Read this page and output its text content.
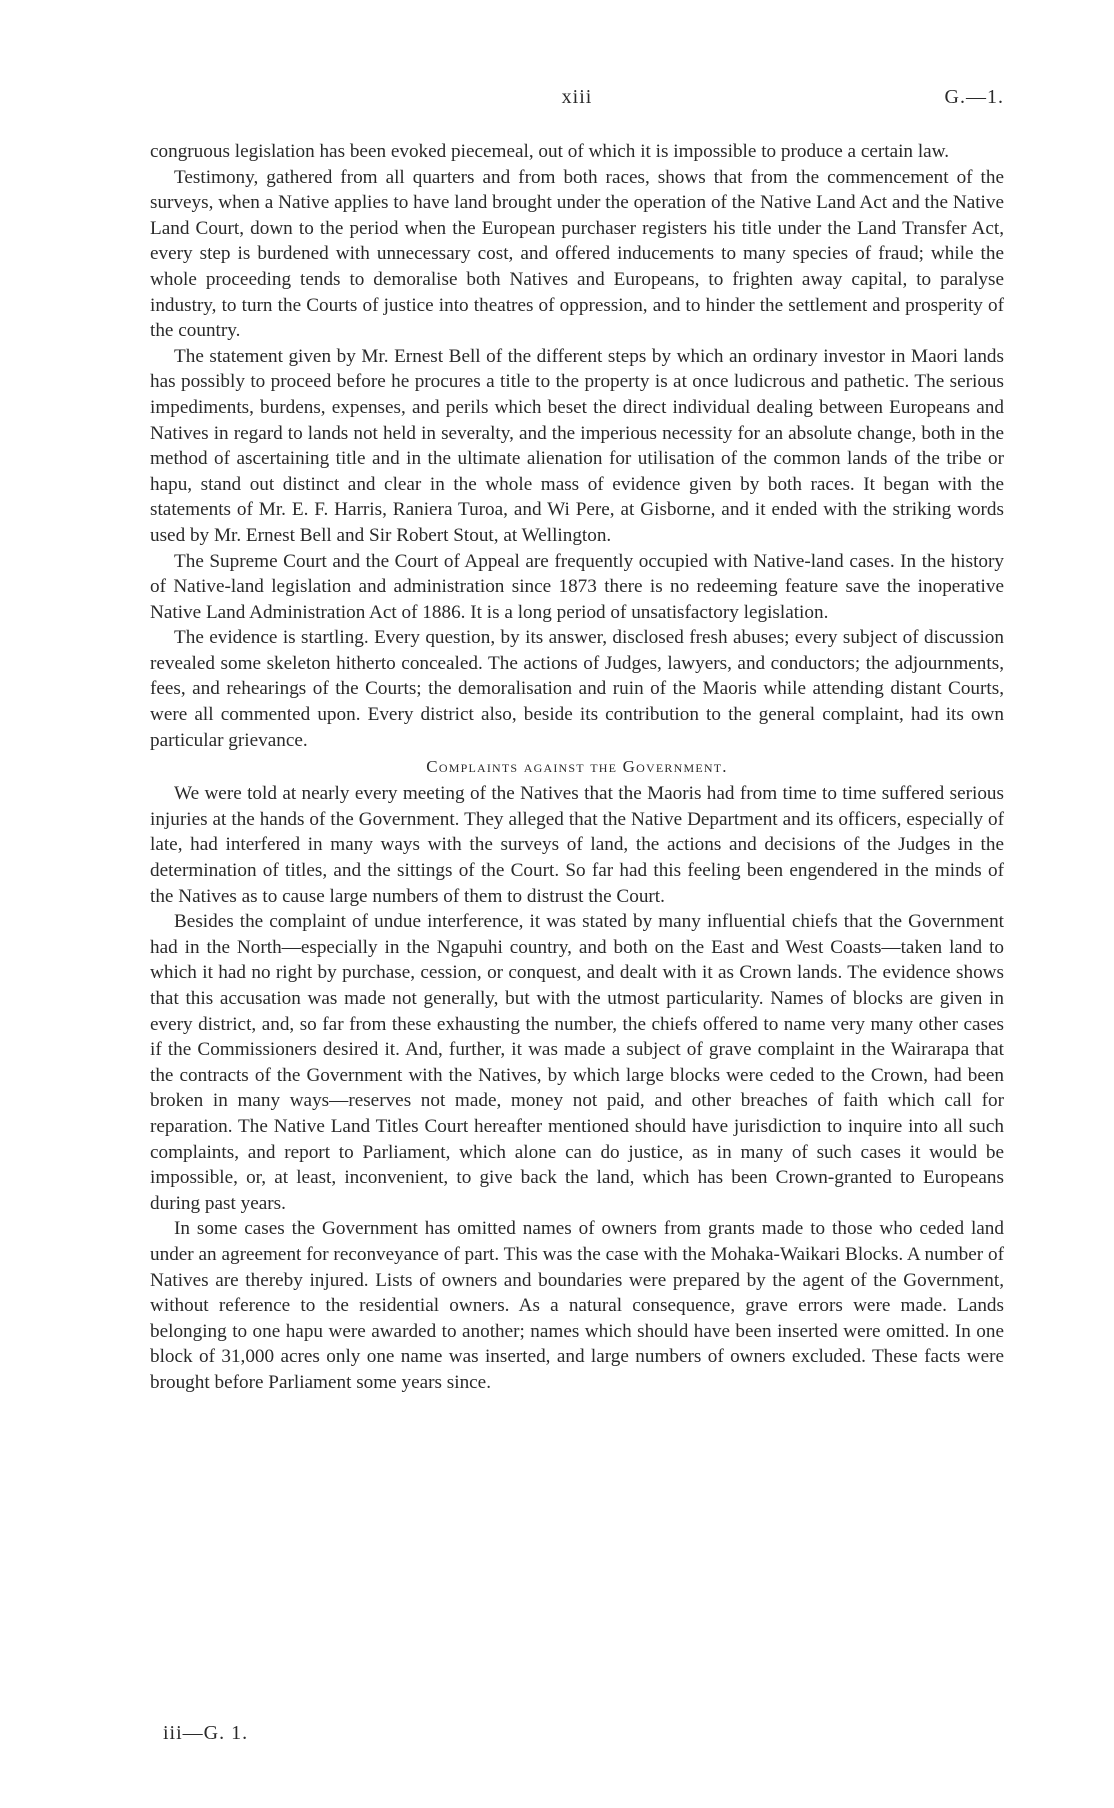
xiii	G.—1.

congruous legislation has been evoked piecemeal, out of which it is impossible to produce a certain law.

Testimony, gathered from all quarters and from both races, shows that from the commencement of the surveys, when a Native applies to have land brought under the operation of the Native Land Act and the Native Land Court, down to the period when the European purchaser registers his title under the Land Transfer Act, every step is burdened with unnecessary cost, and offered inducements to many species of fraud; while the whole proceeding tends to demoralise both Natives and Europeans, to frighten away capital, to paralyse industry, to turn the Courts of justice into theatres of oppression, and to hinder the settlement and prosperity of the country.

The statement given by Mr. Ernest Bell of the different steps by which an ordinary investor in Maori lands has possibly to proceed before he procures a title to the property is at once ludicrous and pathetic. The serious impediments, burdens, expenses, and perils which beset the direct individual dealing between Europeans and Natives in regard to lands not held in severalty, and the imperious necessity for an absolute change, both in the method of ascertaining title and in the ultimate alienation for utilisation of the common lands of the tribe or hapu, stand out distinct and clear in the whole mass of evidence given by both races. It began with the statements of Mr. E. F. Harris, Raniera Turoa, and Wi Pere, at Gisborne, and it ended with the striking words used by Mr. Ernest Bell and Sir Robert Stout, at Wellington.

The Supreme Court and the Court of Appeal are frequently occupied with Native-land cases. In the history of Native-land legislation and administration since 1873 there is no redeeming feature save the inoperative Native Land Administration Act of 1886. It is a long period of unsatisfactory legislation.

The evidence is startling. Every question, by its answer, disclosed fresh abuses; every subject of discussion revealed some skeleton hitherto concealed. The actions of Judges, lawyers, and conductors; the adjournments, fees, and rehearings of the Courts; the demoralisation and ruin of the Maoris while attending distant Courts, were all commented upon. Every district also, beside its contribution to the general complaint, had its own particular grievance.

Complaints against the Government.

We were told at nearly every meeting of the Natives that the Maoris had from time to time suffered serious injuries at the hands of the Government. They alleged that the Native Department and its officers, especially of late, had interfered in many ways with the surveys of land, the actions and decisions of the Judges in the determination of titles, and the sittings of the Court. So far had this feeling been engendered in the minds of the Natives as to cause large numbers of them to distrust the Court.

Besides the complaint of undue interference, it was stated by many influential chiefs that the Government had in the North—especially in the Ngapuhi country, and both on the East and West Coasts—taken land to which it had no right by purchase, cession, or conquest, and dealt with it as Crown lands. The evidence shows that this accusation was made not generally, but with the utmost particularity. Names of blocks are given in every district, and, so far from these exhausting the number, the chiefs offered to name very many other cases if the Commissioners desired it. And, further, it was made a subject of grave complaint in the Wairarapa that the contracts of the Government with the Natives, by which large blocks were ceded to the Crown, had been broken in many ways—reserves not made, money not paid, and other breaches of faith which call for reparation. The Native Land Titles Court hereafter mentioned should have jurisdiction to inquire into all such complaints, and report to Parliament, which alone can do justice, as in many of such cases it would be impossible, or, at least, inconvenient, to give back the land, which has been Crown-granted to Europeans during past years.

In some cases the Government has omitted names of owners from grants made to those who ceded land under an agreement for reconveyance of part. This was the case with the Mohaka-Waikari Blocks. A number of Natives are thereby injured. Lists of owners and boundaries were prepared by the agent of the Government, without reference to the residential owners. As a natural consequence, grave errors were made. Lands belonging to one hapu were awarded to another; names which should have been inserted were omitted. In one block of 31,000 acres only one name was inserted, and large numbers of owners excluded. These facts were brought before Parliament some years since.

iii—G. 1.
